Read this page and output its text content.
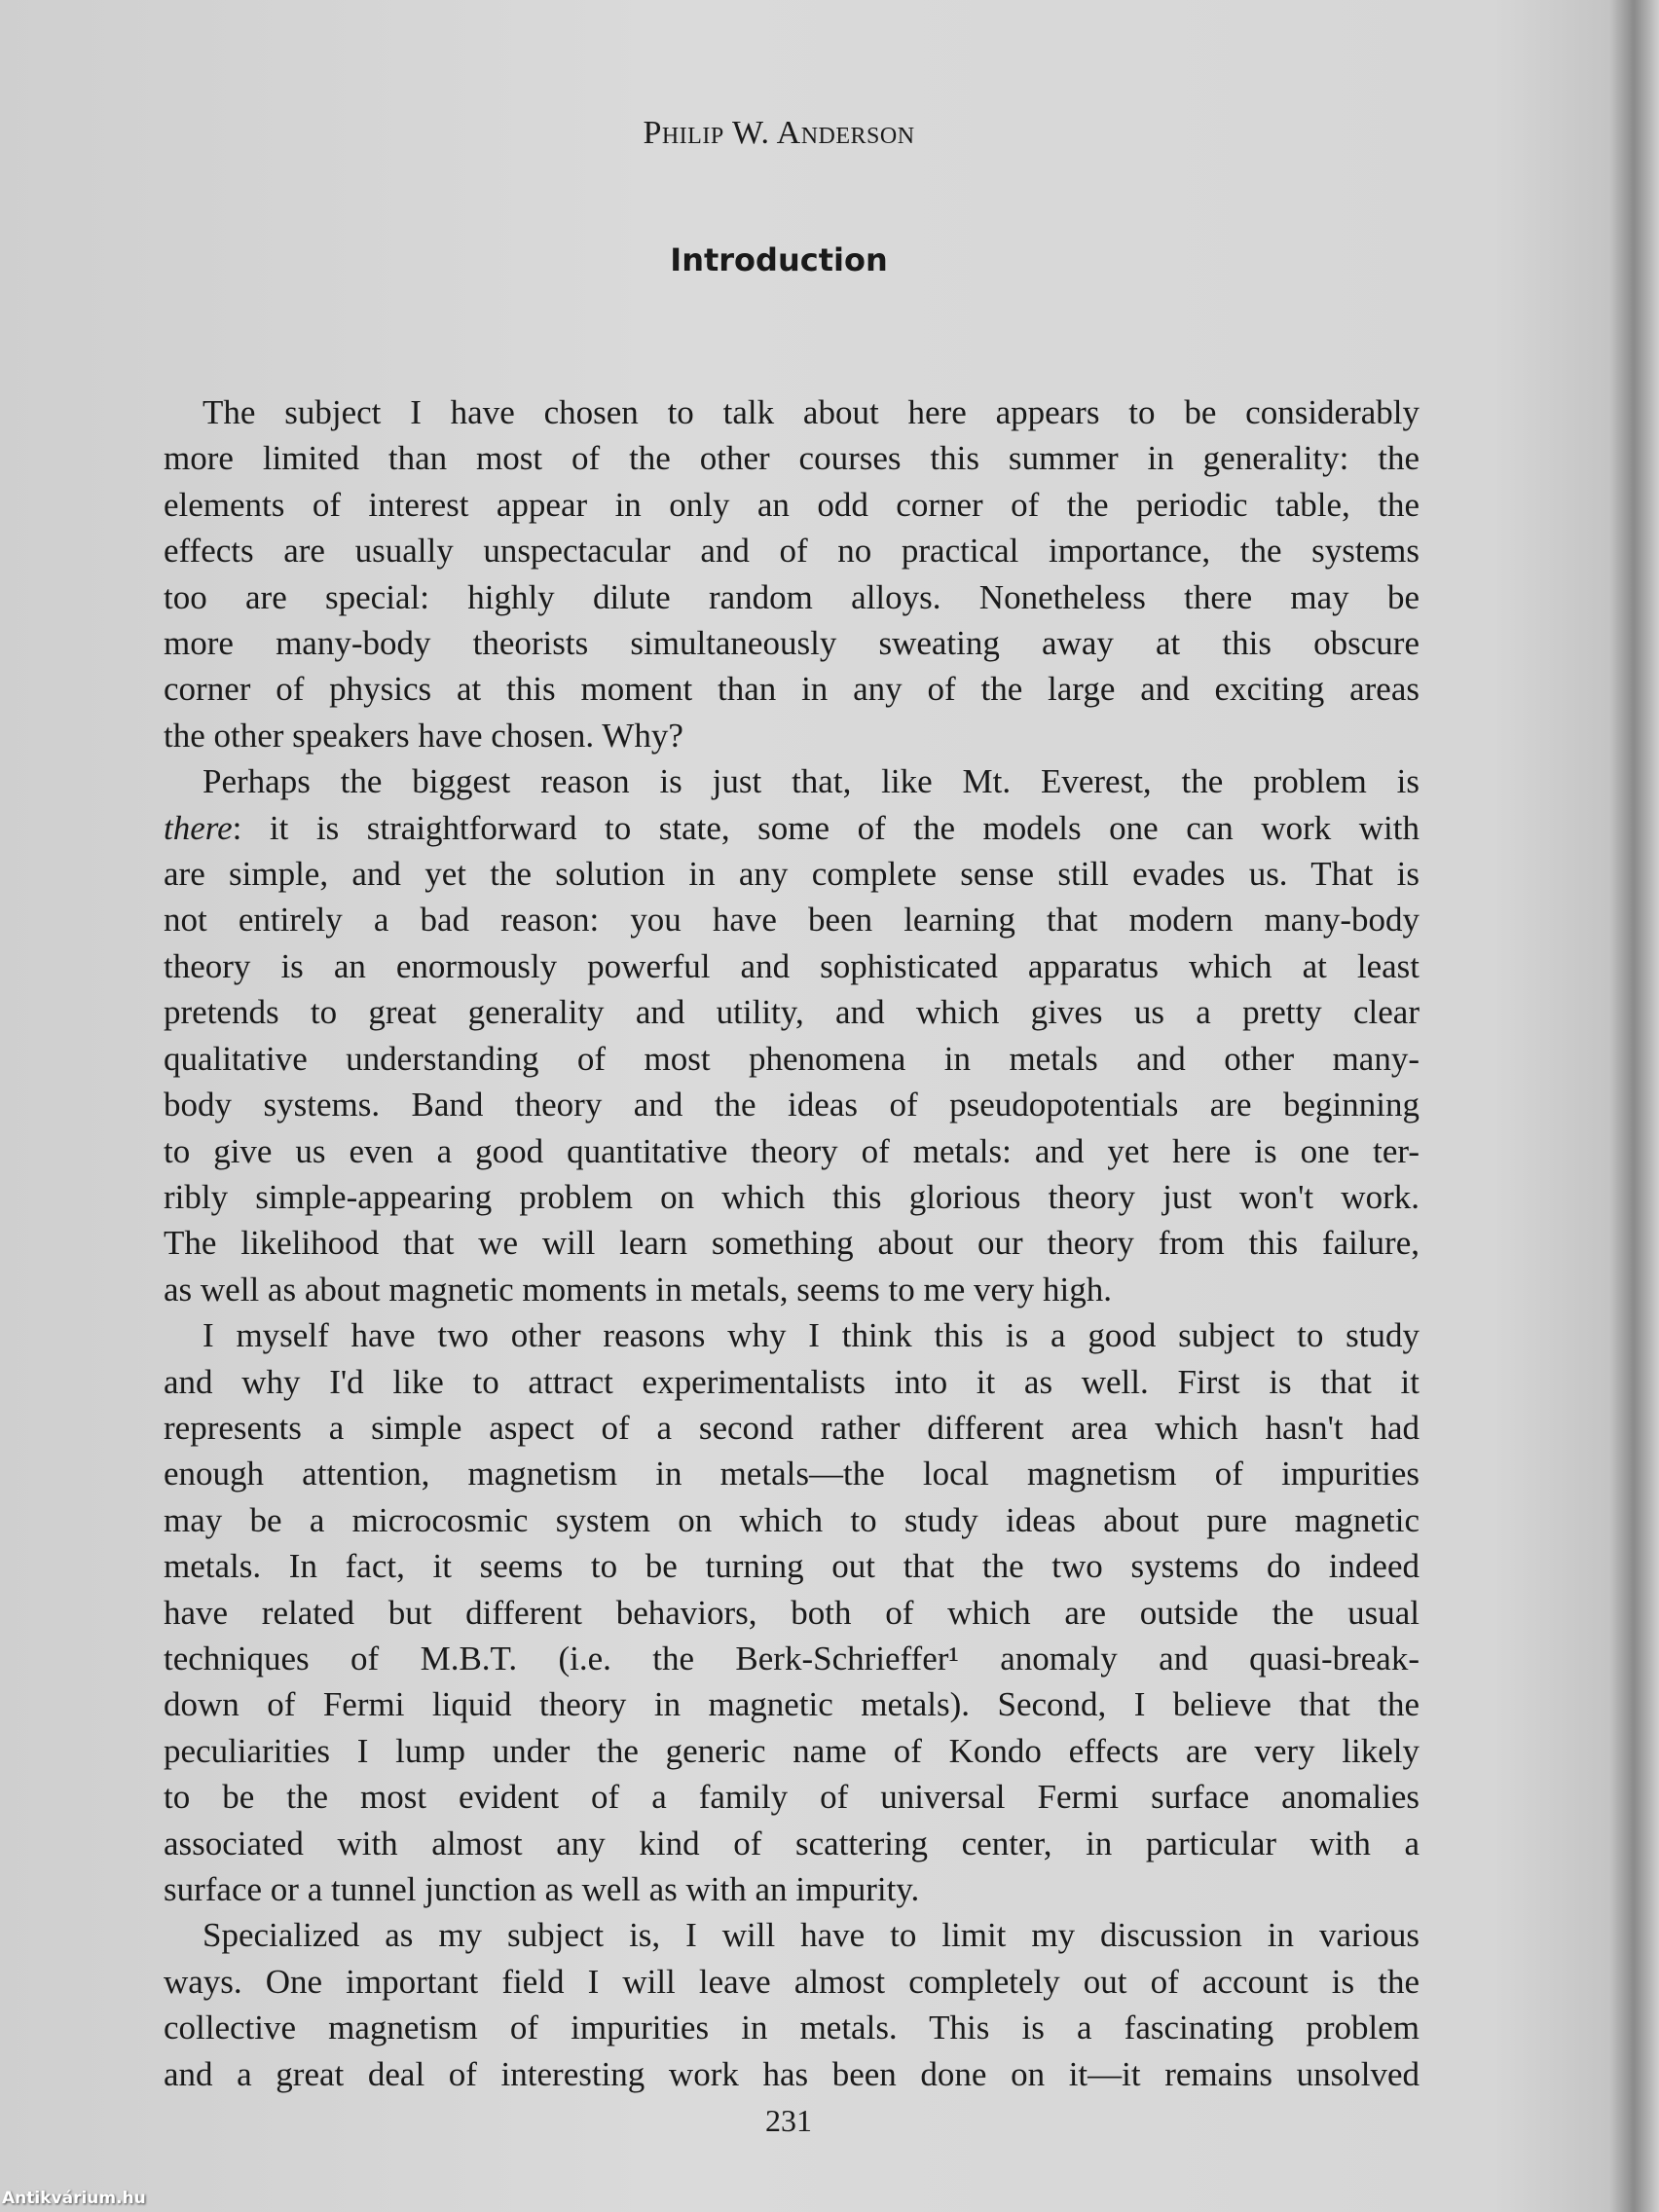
Philip W. Anderson
Introduction
The subject I have chosen to talk about here appears to be considerably
more limited than most of the other courses this summer in generality: the
elements of interest appear in only an odd corner of the periodic table, the
effects are usually unspectacular and of no practical importance, the systems
too are special: highly dilute random alloys. Nonetheless there may be
more many-body theorists simultaneously sweating away at this obscure
corner of physics at this moment than in any of the large and exciting areas
the other speakers have chosen. Why?
Perhaps the biggest reason is just that, like Mt. Everest, the problem is
there: it is straightforward to state, some of the models one can work with
are simple, and yet the solution in any complete sense still evades us. That is
not entirely a bad reason: you have been learning that modern many-body
theory is an enormously powerful and sophisticated apparatus which at least
pretends to great generality and utility, and which gives us a pretty clear
qualitative understanding of most phenomena in metals and other many-
body systems. Band theory and the ideas of pseudopotentials are beginning
to give us even a good quantitative theory of metals: and yet here is one ter-
ribly simple-appearing problem on which this glorious theory just won't work.
The likelihood that we will learn something about our theory from this failure,
as well as about magnetic moments in metals, seems to me very high.
I myself have two other reasons why I think this is a good subject to study
and why I'd like to attract experimentalists into it as well. First is that it
represents a simple aspect of a second rather different area which hasn't had
enough attention, magnetism in metals—the local magnetism of impurities
may be a microcosmic system on which to study ideas about pure magnetic
metals. In fact, it seems to be turning out that the two systems do indeed
have related but different behaviors, both of which are outside the usual
techniques of M.B.T. (i.e. the Berk-Schrieffer¹ anomaly and quasi-break-
down of Fermi liquid theory in magnetic metals). Second, I believe that the
peculiarities I lump under the generic name of Kondo effects are very likely
to be the most evident of a family of universal Fermi surface anomalies
associated with almost any kind of scattering center, in particular with a
surface or a tunnel junction as well as with an impurity.
Specialized as my subject is, I will have to limit my discussion in various
ways. One important field I will leave almost completely out of account is the
collective magnetism of impurities in metals. This is a fascinating problem
and a great deal of interesting work has been done on it—it remains unsolved
231
Antikvárium.hu
